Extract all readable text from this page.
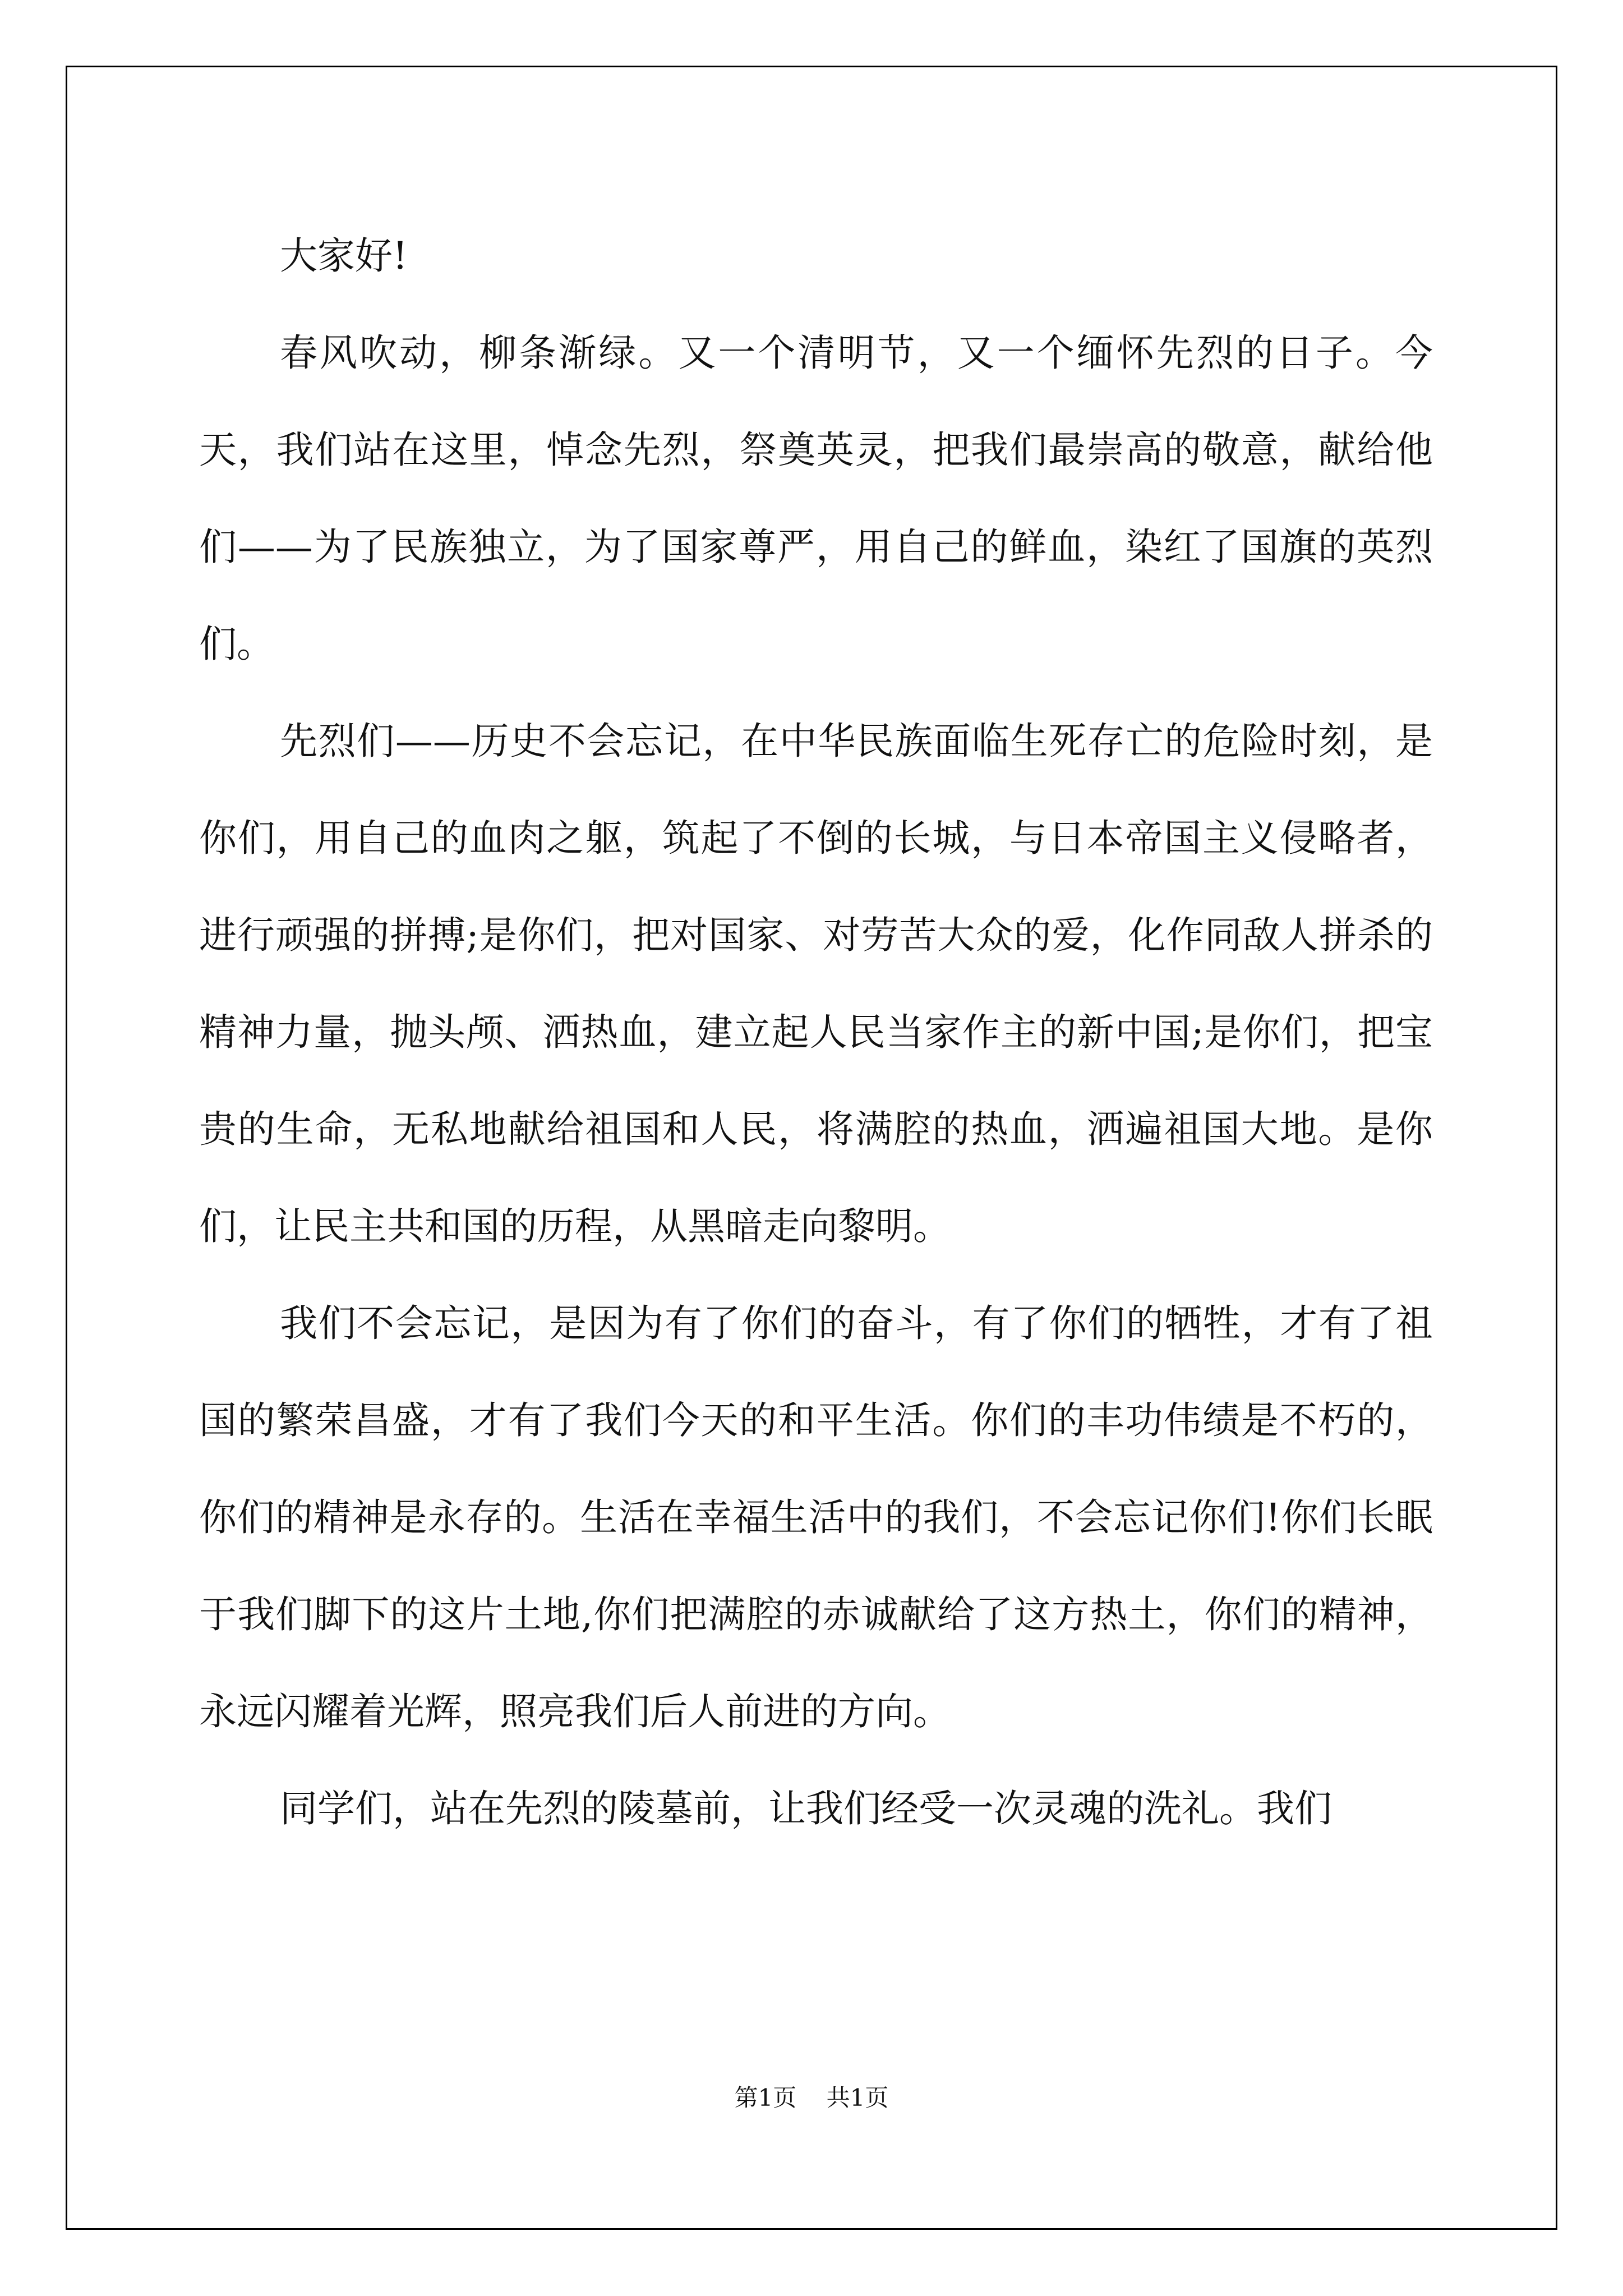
大家好!

春风吹动，柳条渐绿。又一个清明节，又一个缅怀先烈的日子。今天，我们站在这里，悼念先烈，祭奠英灵，把我们最崇高的敬意，献给他们——为了民族独立，为了国家尊严，用自己的鲜血，染红了国旗的英烈们。

先烈们——历史不会忘记，在中华民族面临生死存亡的危险时刻，是你们，用自己的血肉之躯，筑起了不倒的长城，与日本帝国主义侵略者，进行顽强的拼搏;是你们，把对国家、对劳苦大众的爱，化作同敌人拼杀的精神力量，抛头颅、洒热血，建立起人民当家作主的新中国;是你们，把宝贵的生命，无私地献给祖国和人民，将满腔的热血，洒遍祖国大地。是你们，让民主共和国的历程，从黑暗走向黎明。

我们不会忘记，是因为有了你们的奋斗，有了你们的牺牲，才有了祖国的繁荣昌盛，才有了我们今天的和平生活。你们的丰功伟绩是不朽的，你们的精神是永存的。生活在幸福生活中的我们，不会忘记你们!你们长眠于我们脚下的这片土地,你们把满腔的赤诚献给了这方热土，你们的精神，永远闪耀着光辉，照亮我们后人前进的方向。

同学们，站在先烈的陵墓前，让我们经受一次灵魂的洗礼。我们

第1页 共1页
